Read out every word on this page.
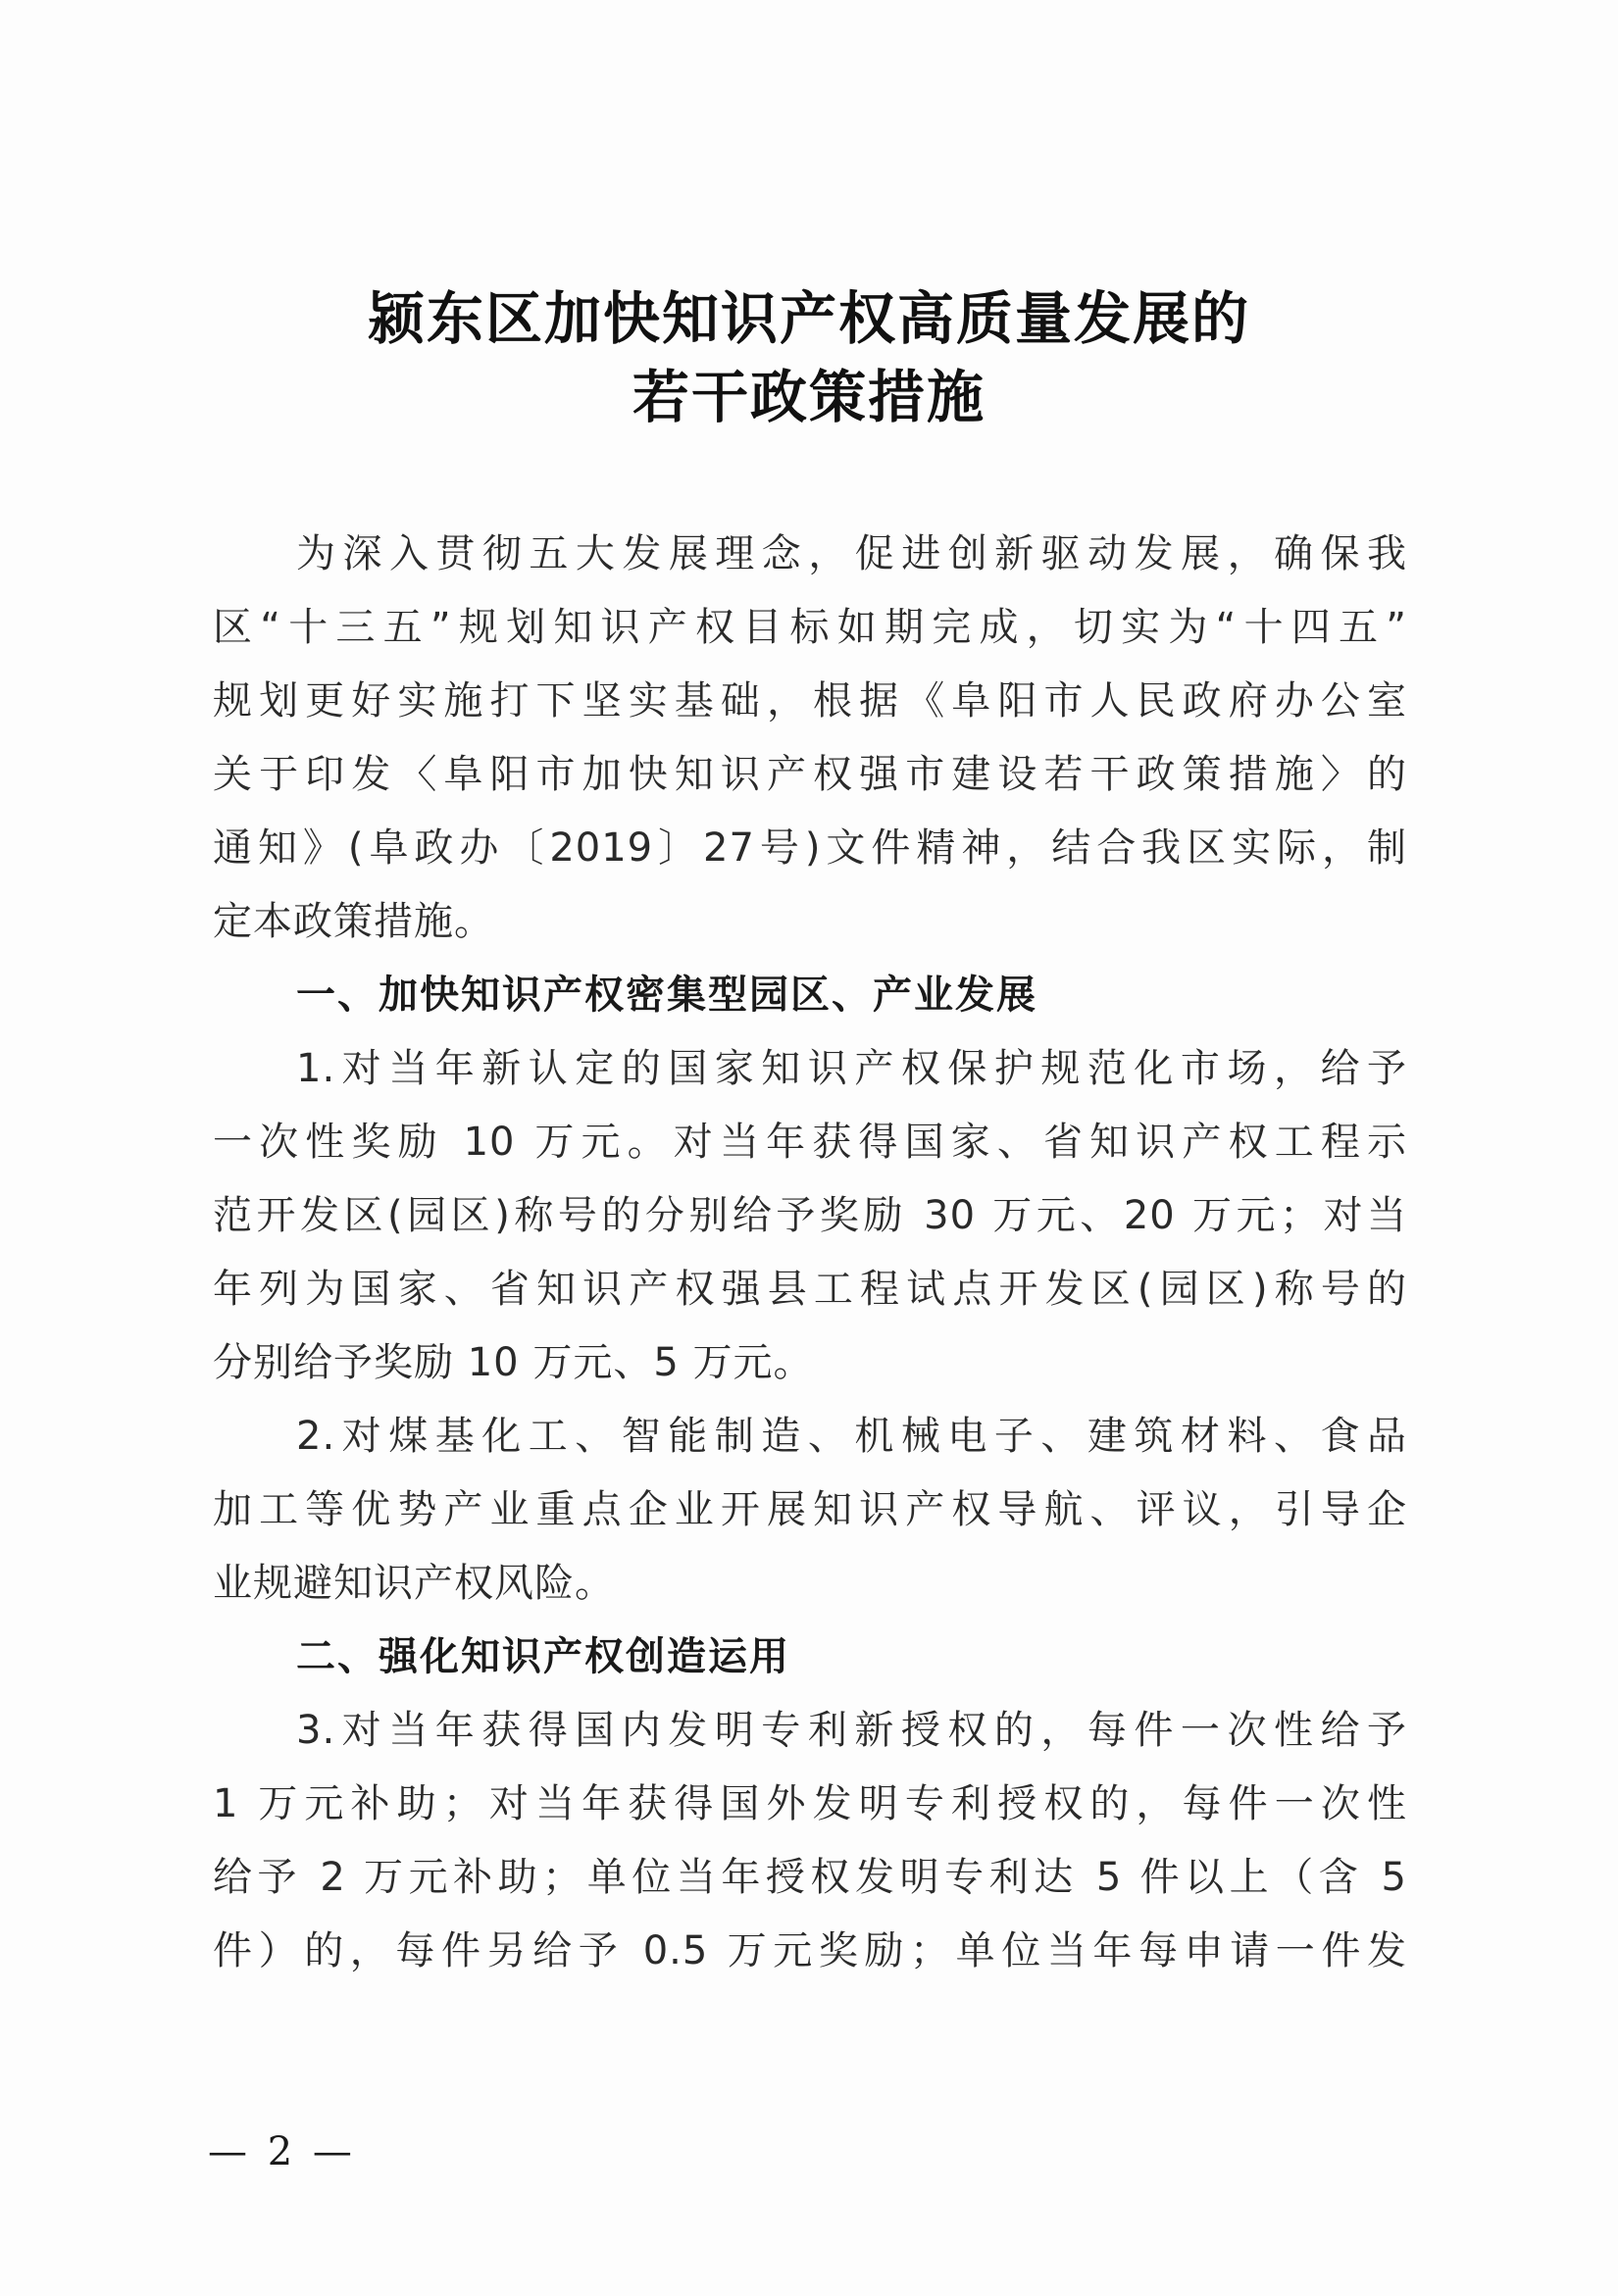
颍东区加快知识产权高质量发展的
若干政策措施
为深入贯彻五大发展理念，促进创新驱动发展，确保我
区“十三五”规划知识产权目标如期完成，切实为“十四五”
规划更好实施打下坚实基础，根据《阜阳市人民政府办公室
关于印发〈阜阳市加快知识产权强市建设若干政策措施〉的
通知》(阜政办〔2019〕27号)文件精神，结合我区实际，制
定本政策措施。
一、加快知识产权密集型园区、产业发展
1.对当年新认定的国家知识产权保护规范化市场，给予
一次性奖励 10 万元。对当年获得国家、省知识产权工程示
范开发区(园区)称号的分别给予奖励 30 万元、20 万元；对当
年列为国家、省知识产权强县工程试点开发区(园区)称号的
分别给予奖励 10 万元、5 万元。
2.对煤基化工、智能制造、机械电子、建筑材料、食品
加工等优势产业重点企业开展知识产权导航、评议，引导企
业规避知识产权风险。
二、强化知识产权创造运用
3.对当年获得国内发明专利新授权的，每件一次性给予
1 万元补助；对当年获得国外发明专利授权的，每件一次性
给予 2 万元补助；单位当年授权发明专利达 5 件以上（含 5
件）的，每件另给予 0.5 万元奖励；单位当年每申请一件发
— 2 —
